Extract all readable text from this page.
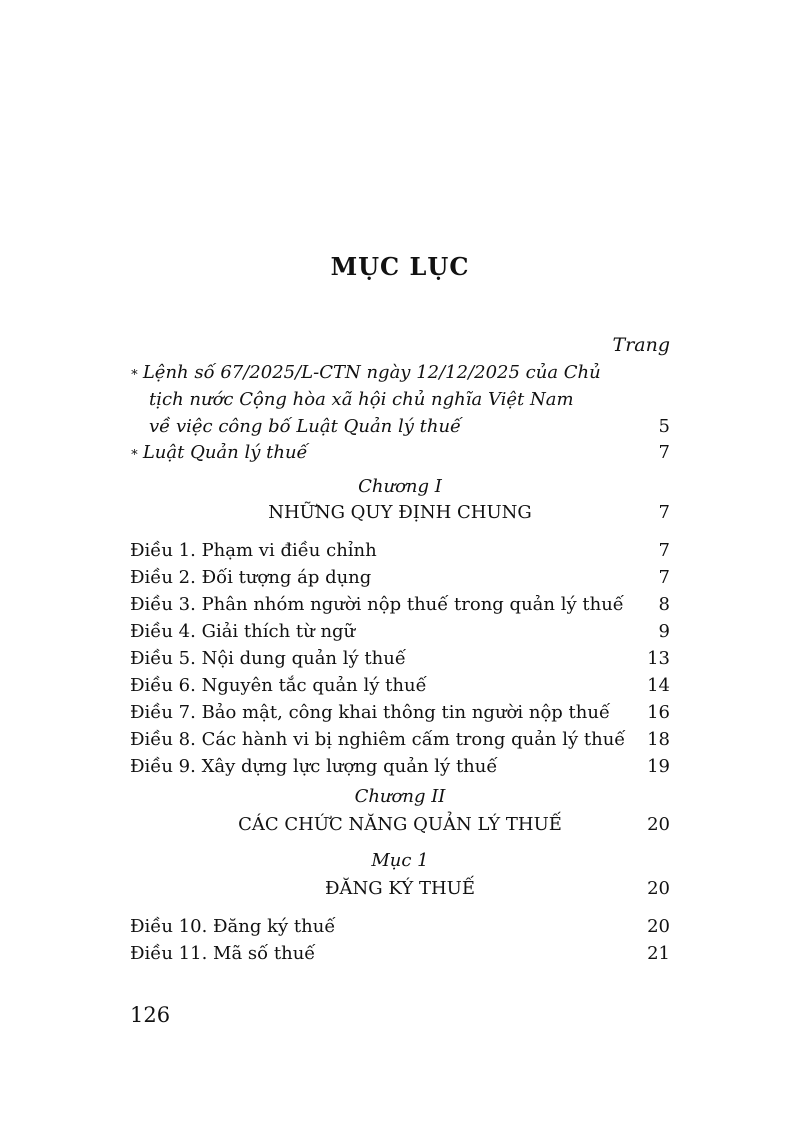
MỤC LỤC
Trang
∗ Lệnh số 67/2025/L-CTN ngày 12/12/2025 của Chủ
tịch nước Cộng hòa xã hội chủ nghĩa Việt Nam
về việc công bố Luật Quản lý thuế	5
∗ Luật Quản lý thuế	7
Chương I
NHỮNG QUY ĐỊNH CHUNG	7
Điều 1. Phạm vi điều chỉnh	7
Điều 2. Đối tượng áp dụng	7
Điều 3. Phân nhóm người nộp thuế trong quản lý thuế 8
Điều 4. Giải thích từ ngữ	9
Điều 5. Nội dung quản lý thuế	13
Điều 6. Nguyên tắc quản lý thuế	14
Điều 7. Bảo mật, công khai thông tin người nộp thuế 16
Điều 8. Các hành vi bị nghiêm cấm trong quản lý thuế 18
Điều 9. Xây dựng lực lượng quản lý thuế	19
Chương II
CÁC CHỨC NĂNG QUẢN LÝ THUẾ	20
Mục 1
ĐĂNG KÝ THUẾ	20
Điều 10. Đăng ký thuế	20
Điều 11. Mã số thuế	21
126
